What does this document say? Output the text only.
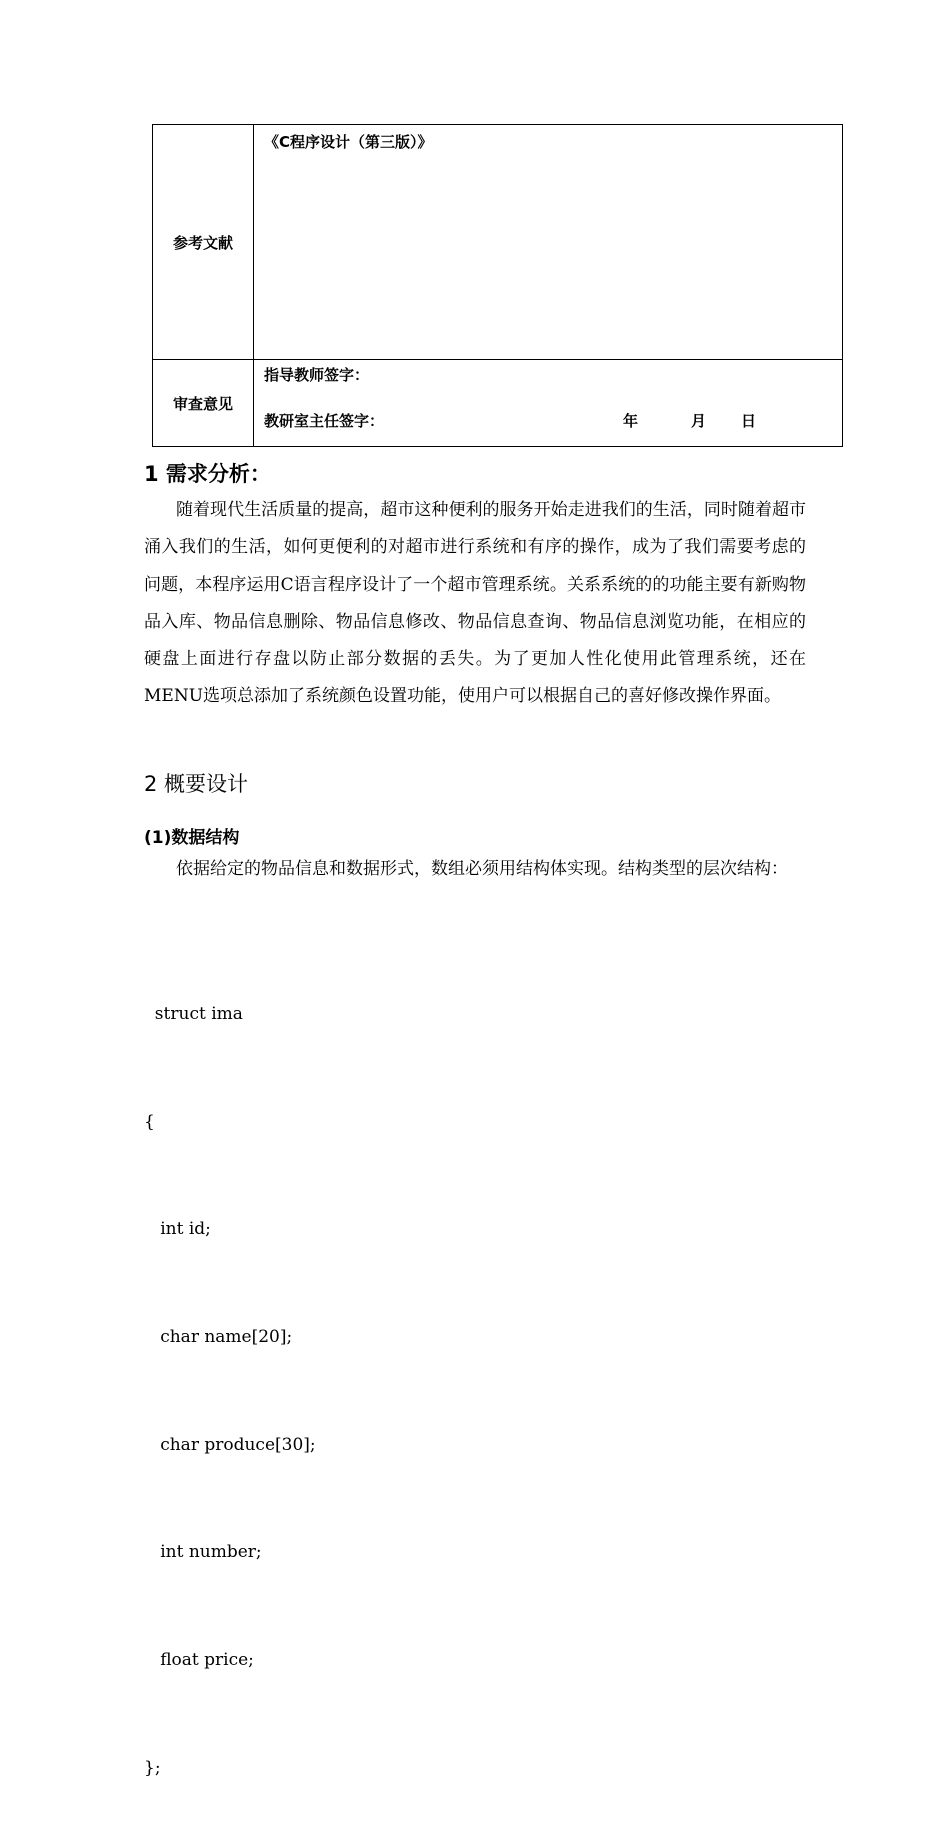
参考文献	《C程序设计（第三版）》

审查意见	指导教师签字：
教研室主任签字： 年 月 日
1 需求分析：

随着现代生活质量的提高，超市这种便利的服务开始走进我们的生活，同时随着超市涌入我们的生活，如何更便利的对超市进行系统和有序的操作，成为了我们需要考虑的问题，本程序运用C语言程序设计了一个超市管理系统。关系系统的的功能主要有新购物品入库、物品信息删除、物品信息修改、物品信息查询、物品信息浏览功能，在相应的硬盘上面进行存盘以防止部分数据的丢失。为了更加人性化使用此管理系统，还在MENU选项总添加了系统颜色设置功能，使用户可以根据自己的喜好修改操作界面。

2 概要设计
(1)数据结构

依据给定的物品信息和数据形式，数组必须用结构体实现。结构类型的层次结构：

struct ima

{

int id;

char name[20];

char produce[30];

int number;

float price;

};
